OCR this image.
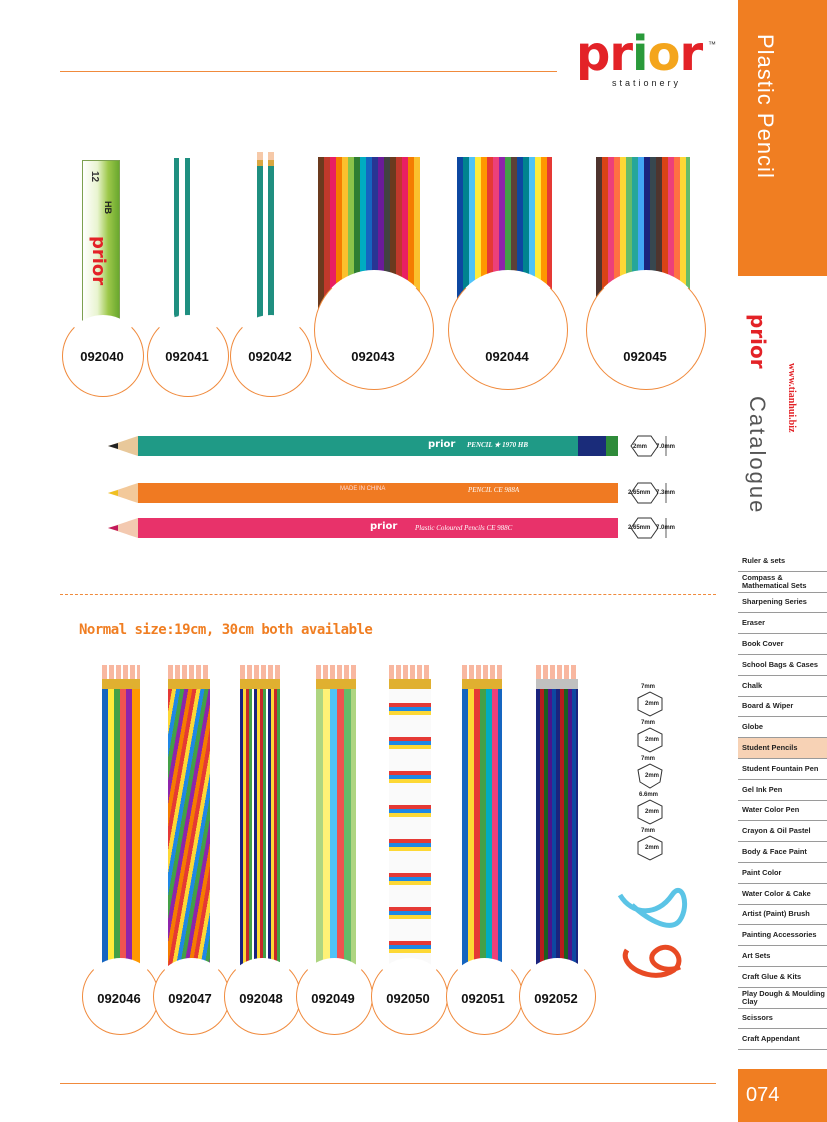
prior ™
stationery	Plastic Pencil
prior
www.tianhui.biz
Catalogue
12
prior
HB
092040	092041	092042	092043	092044	092045
prior PENCIL ★ 1970 HB
MADE IN CHINA	PENCIL CE 988A
prior	Plastic Coloured Pencils CE 988C
2mm 7.0mm
2.65mm 7.3mm
2.65mm 7.0mm
Normal size:19cm, 30cm both available
092046	092047	092048	092049	092050	092051	092052
7mm
2mm
7mm
2mm
7mm
2mm
6.6mm
2mm
7mm
2mm
Ruler & sets
Compass & Mathematical Sets
Sharpening Series
Eraser
Book Cover
School Bags & Cases
Chalk
Board & Wiper
Globe
Student Pencils
Student Fountain Pen
Gel Ink Pen
Water Color Pen
Crayon & Oil Pastel
Body & Face Paint
Paint Color
Water Color & Cake
Artist (Paint) Brush
Painting Accessories
Art Sets
Craft Glue & Kits
Play Dough & Moulding Clay
Scissors
Craft Appendant
074
